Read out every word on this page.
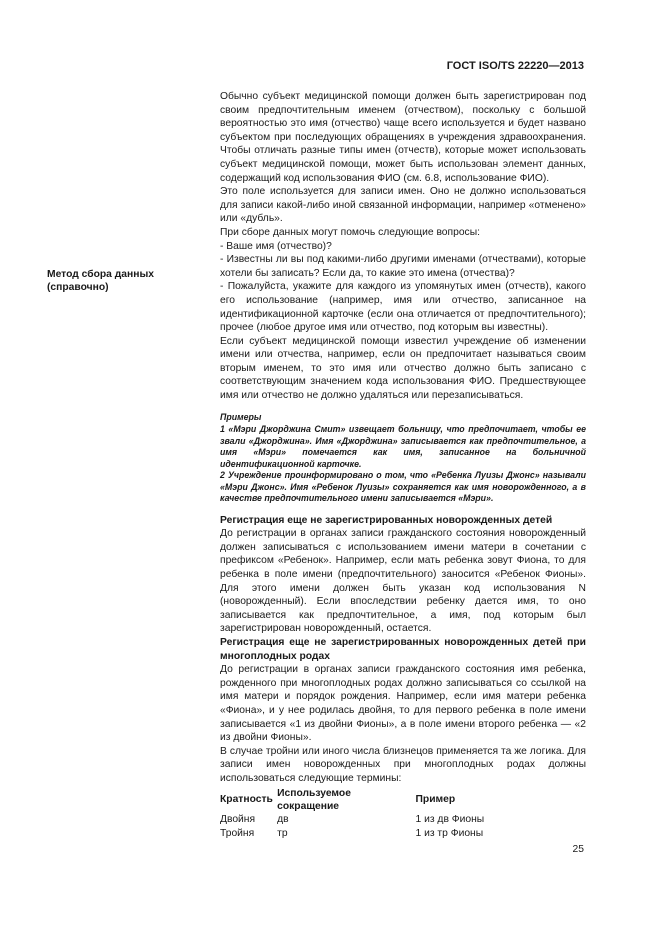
ГОСТ ISO/TS 22220—2013
Метод сбора данных
(справочно)

Обычно субъект медицинской помощи должен быть зарегистрирован под своим предпочтительным именем (отчеством), поскольку с большой вероятностью это имя (отчество) чаще всего используется и будет названо субъектом при последующих обращениях в учреждения здравоохранения. Чтобы отличать разные типы имен (отчеств), которые может использовать субъект медицинской помощи, может быть использован элемент данных, содержащий код использования ФИО (см. 6.8, использование ФИО).

Это поле используется для записи имен. Оно не должно использоваться для записи какой-либо иной связанной информации, например «отменено» или «дубль».

При сборе данных могут помочь следующие вопросы:

- Ваше имя (отчество)?

- Известны ли вы под какими-либо другими именами (отчествами), которые хотели бы записать? Если да, то какие это имена (отчества)?

- Пожалуйста, укажите для каждого из упомянутых имен (отчеств), какого его использование (например, имя или отчество, записанное на идентификационной карточке (если она отличается от предпочтительного); прочее (любое другое имя или отчество, под которым вы известны).

Если субъект медицинской помощи известил учреждение об изменении имени или отчества, например, если он предпочитает называться своим вторым именем, то это имя или отчество должно быть записано с соответствующим значением кода использования ФИО. Предшествующее имя или отчество не должно удаляться или перезаписываться.

Примеры

1 «Мэри Джорджина Смит» извещает больницу, что предпочитает, чтобы ее звали «Джорджина». Имя «Джорджина» записывается как предпочтительное, а имя «Мэри» помечается как имя, записанное на больничной идентификационной карточке.

2 Учреждение проинформировано о том, что «Ребенка Луизы Джонс» называли «Мэри Джонс». Имя «Ребенок Луизы» сохраняется как имя новорожденного, а в качестве предпочтительного имени записывается «Мэри».

Регистрация еще не зарегистрированных новорожденных детей

До регистрации в органах записи гражданского состояния новорожденный должен записываться с использованием имени матери в сочетании с префиксом «Ребенок». Например, если мать ребенка зовут Фиона, то для ребенка в поле имени (предпочтительного) заносится «Ребенок Фионы». Для этого имени должен быть указан код использования N (новорожденный). Если впоследствии ребенку дается имя, то оно записывается как предпочтительное, а имя, под которым был зарегистрирован новорожденный, остается.

Регистрация еще не зарегистрированных новорожденных детей при многоплодных родах

До регистрации в органах записи гражданского состояния имя ребенка, рожденного при многоплодных родах должно записываться со ссылкой на имя матери и порядок рождения. Например, если имя матери ребенка «Фиона», и у нее родилась двойня, то для первого ребенка в поле имени записывается «1 из двойни Фионы», а в поле имени второго ребенка — «2 из двойни Фионы».

В случае тройни или иного числа близнецов применяется та же логика. Для записи имен новорожденных при многоплодных родах должны использоваться следующие термины:

Кратность	Используемое сокращение	Пример
Двойня	дв	1 из дв Фионы
Тройня	тр	1 из тр Фионы
25
